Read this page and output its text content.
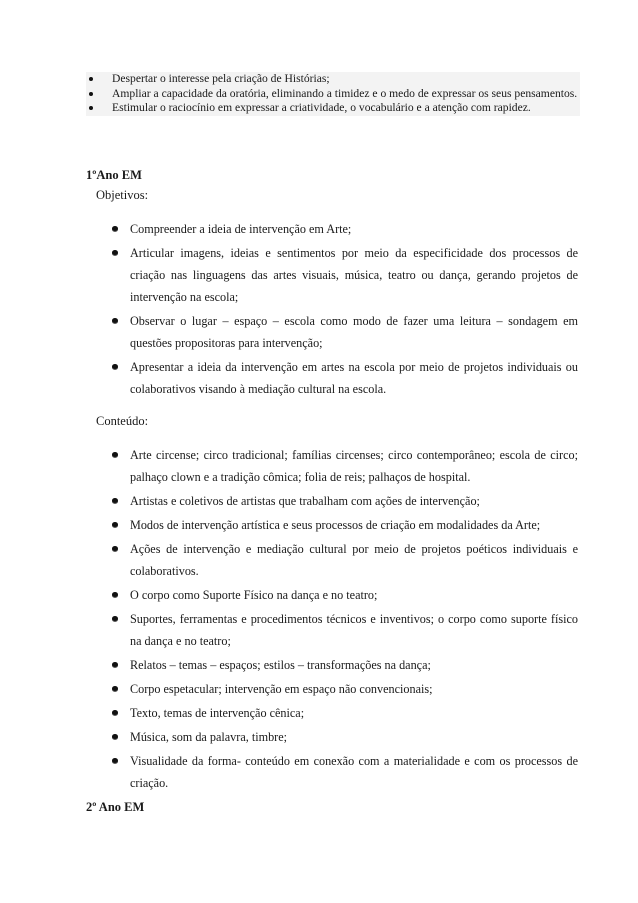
Despertar o interesse pela criação de Histórias;
Ampliar a capacidade da oratória, eliminando a timidez e o medo de expressar os seus pensamentos.
Estimular o raciocínio em expressar a criatividade, o vocabulário e a atenção com rapidez.
1ºAno EM
Objetivos:
Compreender a ideia de intervenção em Arte;
Articular imagens, ideias e sentimentos por meio da especificidade dos processos de criação nas linguagens das artes visuais, música, teatro ou dança, gerando projetos de intervenção na escola;
Observar o lugar – espaço – escola como modo de fazer uma leitura – sondagem em questões propositoras para intervenção;
Apresentar a ideia da intervenção em artes na escola por meio de projetos individuais ou colaborativos visando à mediação cultural na escola.
Conteúdo:
Arte circense; circo tradicional; famílias circenses; circo contemporâneo; escola de circo; palhaço clown e a tradição cômica; folia de reis; palhaços de hospital.
Artistas e coletivos de artistas que trabalham com ações de intervenção;
Modos de intervenção artística e seus processos de criação em modalidades da Arte;
Ações de intervenção e mediação cultural por meio de projetos poéticos individuais e colaborativos.
O corpo como Suporte Físico na dança e no teatro;
Suportes, ferramentas e procedimentos técnicos e inventivos; o corpo como suporte físico na dança e no teatro;
Relatos – temas – espaços; estilos – transformações na dança;
Corpo espetacular; intervenção em espaço não convencionais;
Texto, temas de intervenção cênica;
Música, som da palavra, timbre;
Visualidade da forma- conteúdo em conexão com a materialidade e com os processos de criação.
2º Ano EM
